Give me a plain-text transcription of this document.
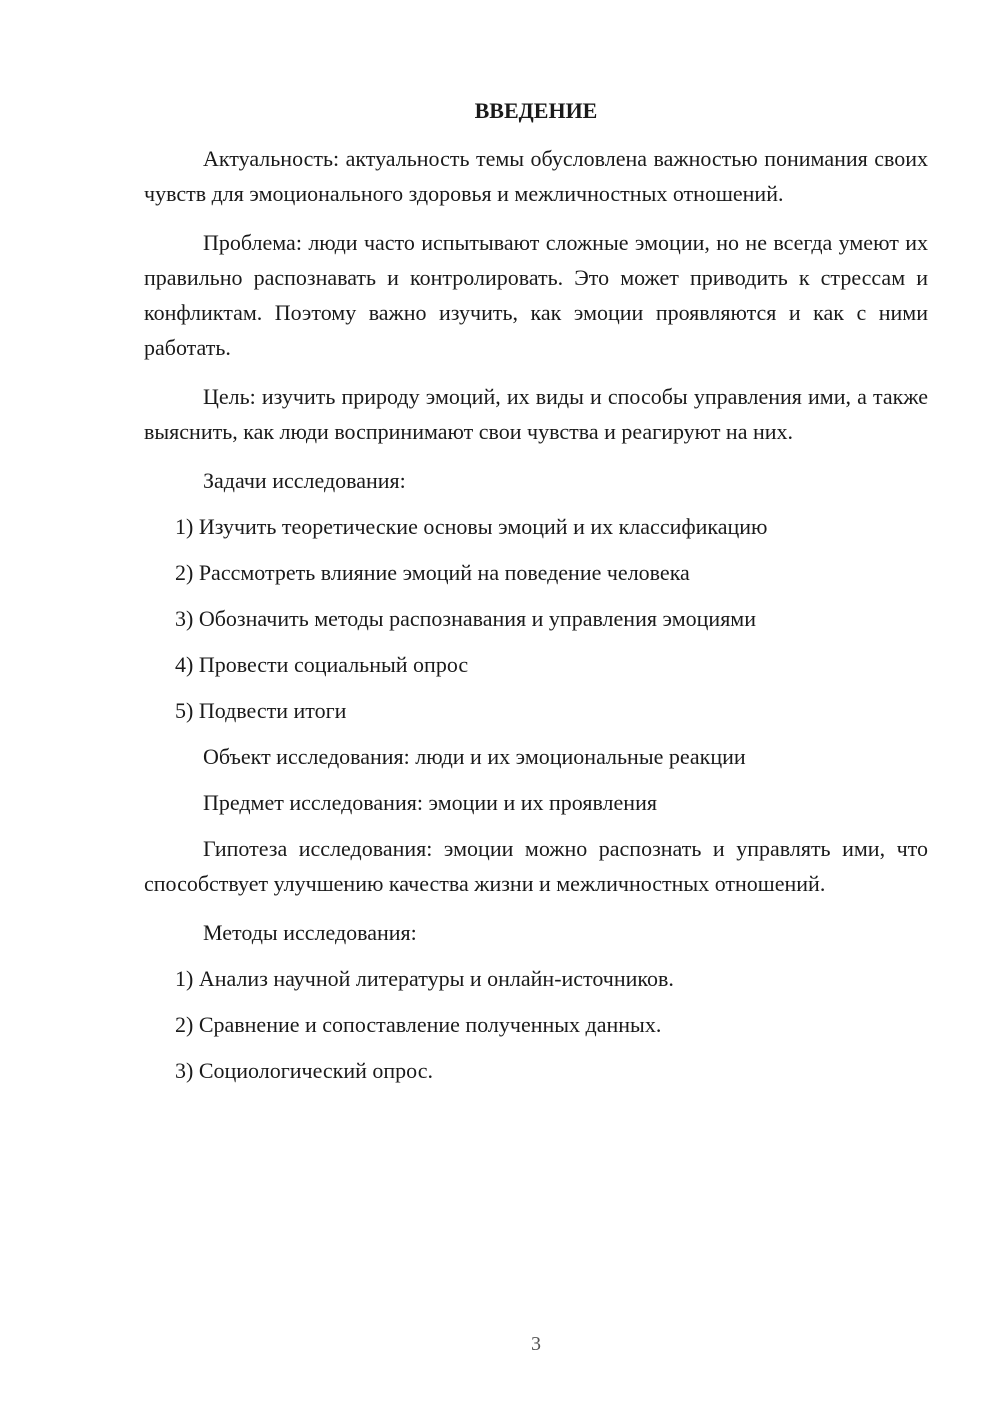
ВВЕДЕНИЕ

Актуальность: актуальность темы обусловлена важностью понимания своих чувств для эмоционального здоровья и межличностных отношений.

Проблема: люди часто испытывают сложные эмоции, но не всегда умеют их правильно распознавать и контролировать. Это может приводить к стрессам и конфликтам. Поэтому важно изучить, как эмоции проявляются и как с ними работать.

Цель: изучить природу эмоций, их виды и способы управления ими, а также выяснить, как люди воспринимают свои чувства и реагируют на них.

Задачи исследования:

1) Изучить теоретические основы эмоций и их классификацию

2) Рассмотреть влияние эмоций на поведение человека

3) Обозначить методы распознавания и управления эмоциями

4) Провести социальный опрос

5) Подвести итоги

Объект исследования: люди и их эмоциональные реакции

Предмет исследования: эмоции и их проявления

Гипотеза исследования: эмоции можно распознать и управлять ими, что способствует улучшению качества жизни и межличностных отношений.

Методы исследования:

1) Анализ научной литературы и онлайн-источников.

2) Сравнение и сопоставление полученных данных.

3) Социологический опрос.

3
